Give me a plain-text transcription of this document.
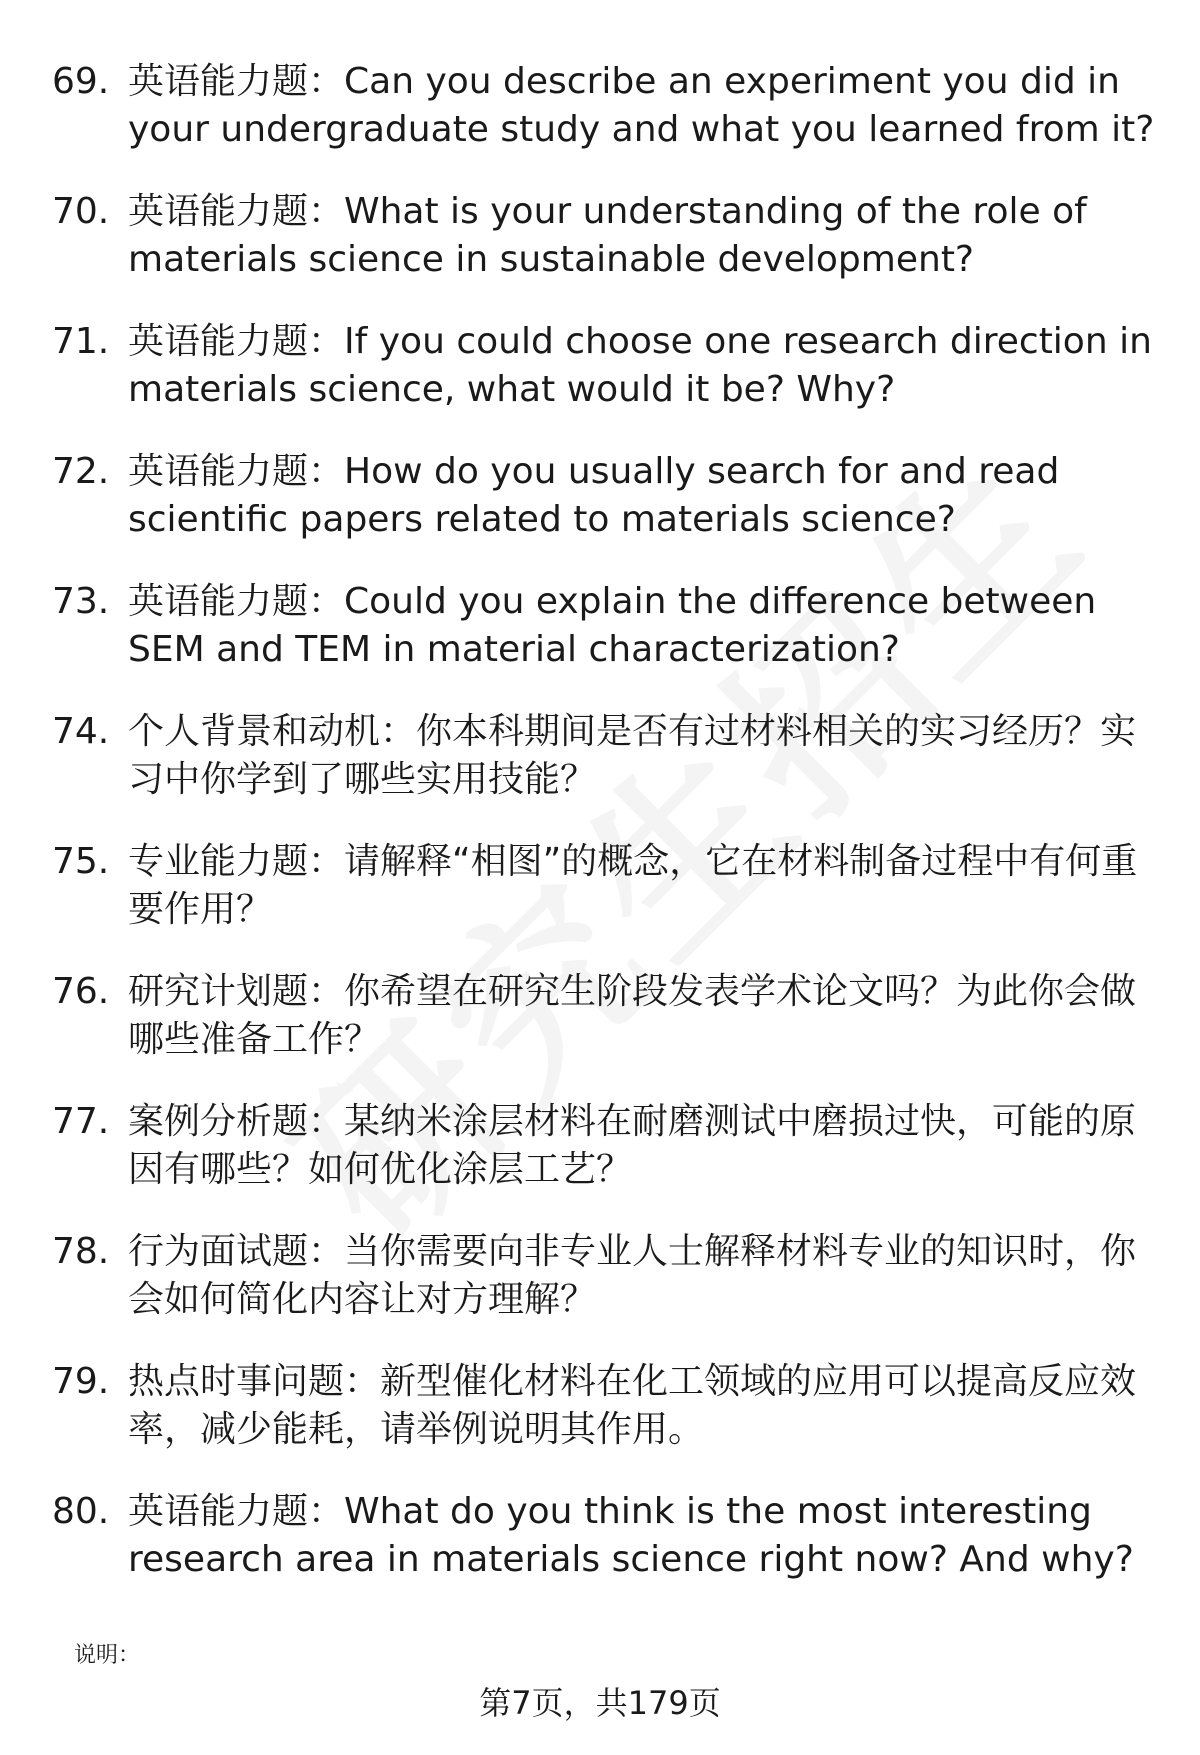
69. 英语能力题：Can you describe an experiment you did in your undergraduate study and what you learned from it?
70. 英语能力题：What is your understanding of the role of materials science in sustainable development?
71. 英语能力题：If you could choose one research direction in materials science, what would it be? Why?
72. 英语能力题：How do you usually search for and read scientific papers related to materials science?
73. 英语能力题：Could you explain the difference between SEM and TEM in material characterization?
74. 个人背景和动机：你本科期间是否有过材料相关的实习经历？实习中你学到了哪些实用技能？
75. 专业能力题：请解释“相图”的概念，它在材料制备过程中有何重要作用？
76. 研究计划题：你希望在研究生阶段发表学术论文吗？为此你会做哪些准备工作？
77. 案例分析题：某纳米涂层材料在耐磨测试中磨损过快，可能的原因有哪些？如何优化涂层工艺？
78. 行为面试题：当你需要向非专业人士解释材料专业的知识时，你会如何简化内容让对方理解？
79. 热点时事问题：新型催化材料在化工领域的应用可以提高反应效率，减少能耗，请举例说明其作用。
80. 英语能力题：What do you think is the most interesting research area in materials science right now? And why?
说明：
第7页，共179页
